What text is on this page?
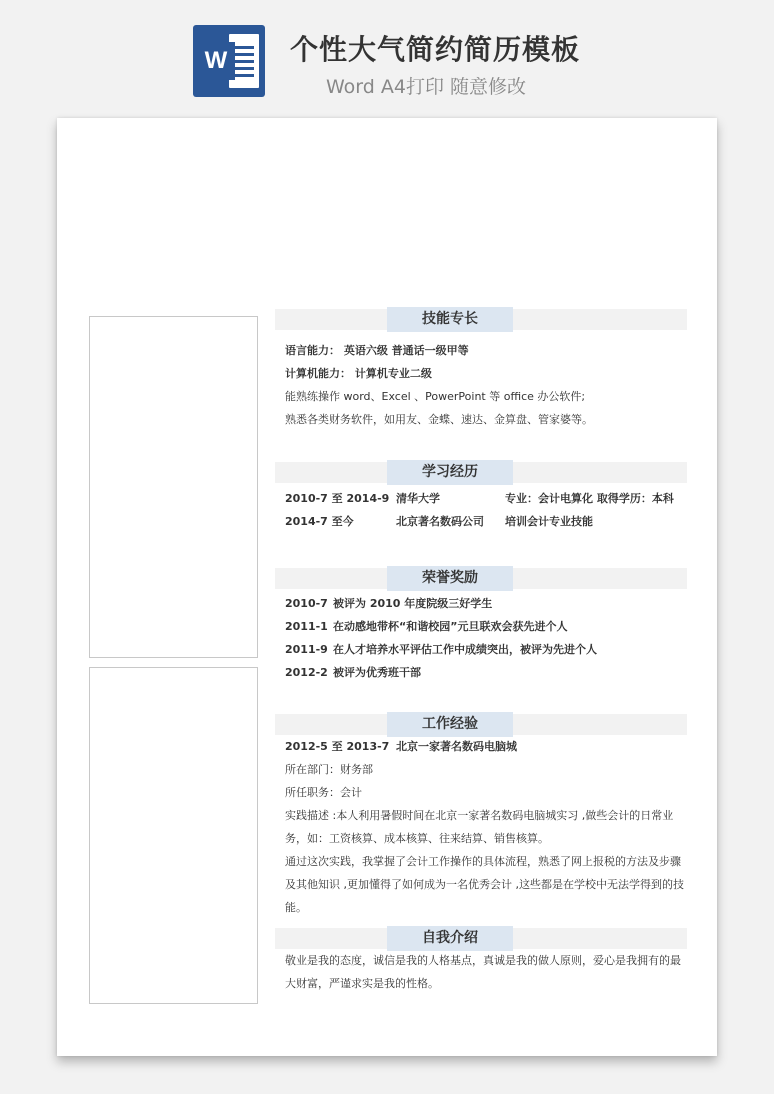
W 个性大气简约简历模板
Word A4打印 随意修改
技能专长
语言能力： 英语六级 普通话一级甲等
计算机能力： 计算机专业二级
能熟练操作 word、Excel 、PowerPoint 等 office 办公软件;
熟悉各类财务软件，如用友、金蝶、速达、金算盘、管家婆等。
学习经历
2010-7 至 2014-9 清华大学	专业：会计电算化 取得学历：本科
2014-7 至今	北京著名数码公司 培训会计专业技能
荣誉奖励
2010-7 被评为 2010 年度院级三好学生
2011-1 在动感地带杯“和谐校园”元旦联欢会获先进个人
2011-9 在人才培养水平评估工作中成绩突出，被评为先进个人
2012-2 被评为优秀班干部
工作经验
2012-5 至 2013-7 北京一家著名数码电脑城
所在部门：财务部
所任职务：会计
实践描述 :本人利用暑假时间在北京一家著名数码电脑城实习 ,做些会计的日常业务，如：工资核算、成本核算、往来结算、销售核算。
通过这次实践，我掌握了会计工作操作的具体流程，熟悉了网上报税的方法及步骤及其他知识 ,更加懂得了如何成为一名优秀会计 ,这些都是在学校中无法学得到的技能。
自我介绍
敬业是我的态度，诚信是我的人格基点，真诚是我的做人原则，爱心是我拥有的最大财富，严谨求实是我的性格。
